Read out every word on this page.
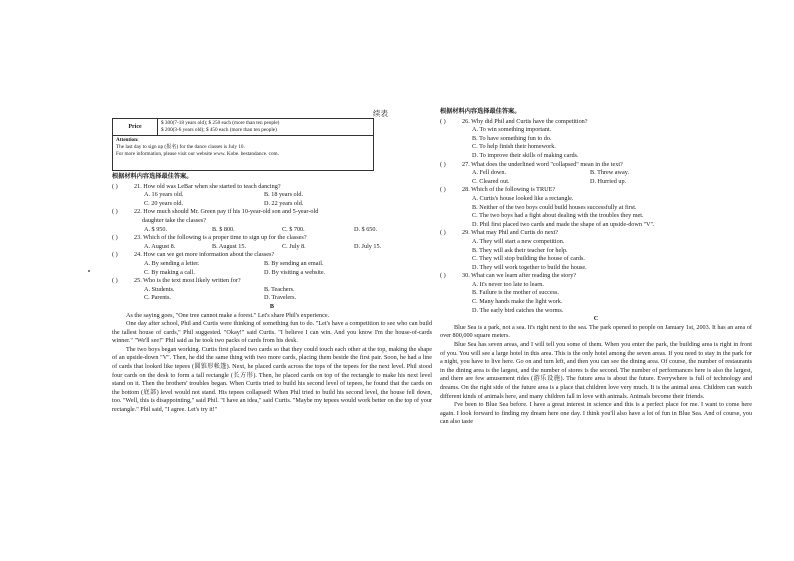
续表
Price	
$ 300(7-18 years old); $ 250 each (more than ten people)
$ 200(3-6 years old); $ 450 each (more than ten people)

Attention:
The last day to sign up (报名) for the dance classes is July 10.
For more information, please visit our website www. Kobe. bestandance. com.
根据材料内容选择最佳答案。
( )	21. How old was LeBar when she started to teach dancing?
A. 16 years old.	B. 18 years old.
C. 20 years old.	D. 22 years old.
( )	22. How much should Mr. Green pay if his 10-year-old son and 5-year-old
daughter take the classes?
A. $ 950.	B. $ 800.	C. $ 700.	D. $ 650.
( )	23. Which of the following is a proper time to sign up for the classes?
A. August 8.	B. August 15.	C. July 8.	D. July 15.
( )	24. How can we get more information about the classes?
A. By sending a letter.	B. By sending an email.
C. By making a call.	D. By visiting a website.
( )	25. Who is the text most likely written for?
A. Students.	B. Teachers.
C. Parents.	D. Travelers.
B

As the saying goes, "One tree cannot make a forest." Let's share Phil's experience.

One day after school, Phil and Curtis were thinking of something fun to do. "Let's have a competition to see who can build the tallest house of cards," Phil suggested. "Okay!" said Curtis. "I believe I can win. And you know I'm the house-of-cards winner." "We'll see!" Phil said as he took two packs of cards from his desk.

The two boys began working. Curtis first placed two cards so that they could touch each other at the top, making the shape of an upside-down "V". Then, he did the same thing with two more cards, placing them beside the first pair. Soon, he had a line of cards that looked like tepees (圆锥形帐篷). Next, he placed cards across the tops of the tepees for the next level. Phil stood four cards on the desk to form a tall rectangle (长方形). Then, he placed cards on top of the rectangle to make his next level stand on it. Then the brothers' troubles began. When Curtis tried to build his second level of tepees, he found that the cards on the bottom (底部) level would not stand. His tepees collapsed! When Phil tried to build his second level, the house fell down, too. "Well, this is disappointing," said Phil. "I have an idea," said Curtis. "Maybe my tepees would work better on the top of your rectangle." Phil said, "I agree. Let's try it!"

根据材料内容选择最佳答案。
( )	26. Why did Phil and Curtis have the competition?
A. To win something important.
B. To have something fun to do.
C. To help finish their homework.
D. To improve their skills of making cards.
( )	27. What does the underlined word "collapsed" mean in the text?
A. Fell down.	B. Threw away.
C. Cleared out.	D. Hurried up.
( )	28. Which of the following is TRUE?
A. Curtis's house looked like a rectangle.
B. Neither of the two boys could build houses successfully at first.
C. The two boys had a fight about dealing with the troubles they met.
D. Phil first placed two cards and made the shape of an upside-down "V".
( )	29. What may Phil and Curtis do next?
A. They will start a new competition.
B. They will ask their teacher for help.
C. They will stop building the house of cards.
D. They will work together to build the house.
( )	30. What can we learn after reading the story?
A. It's never too late to learn.
B. Failure is the mother of success.
C. Many hands make the light work.
D. The early bird catches the worms.
C

Blue Sea is a park, not a sea. It's right next to the sea. The park opened to people on January 1st, 2003. It has an area of over 800,000 square meters.

Blue Sea has seven areas, and I will tell you some of them. When you enter the park, the building area is right in front of you. You will see a large hotel in this area. This is the only hotel among the seven areas. If you need to stay in the park for a night, you have to live here. Go on and turn left, and then you can see the dining area. Of course, the number of restaurants in the dining area is the largest, and the number of stores is the second. The number of performances here is also the largest, and there are few amusement rides (游乐设施). The future area is about the future. Everywhere is full of technology and dreams. On the right side of the future area is a place that children love very much. It is the animal area. Children can watch different kinds of animals here, and many children fall in love with animals. Animals become their friends.

I've been to Blue Sea before. I have a great interest in science and this is a perfect place for me. I want to come here again. I look forward to finding my dream here one day. I think you'll also have a lot of fun in Blue Sea. And of course, you can also taste
